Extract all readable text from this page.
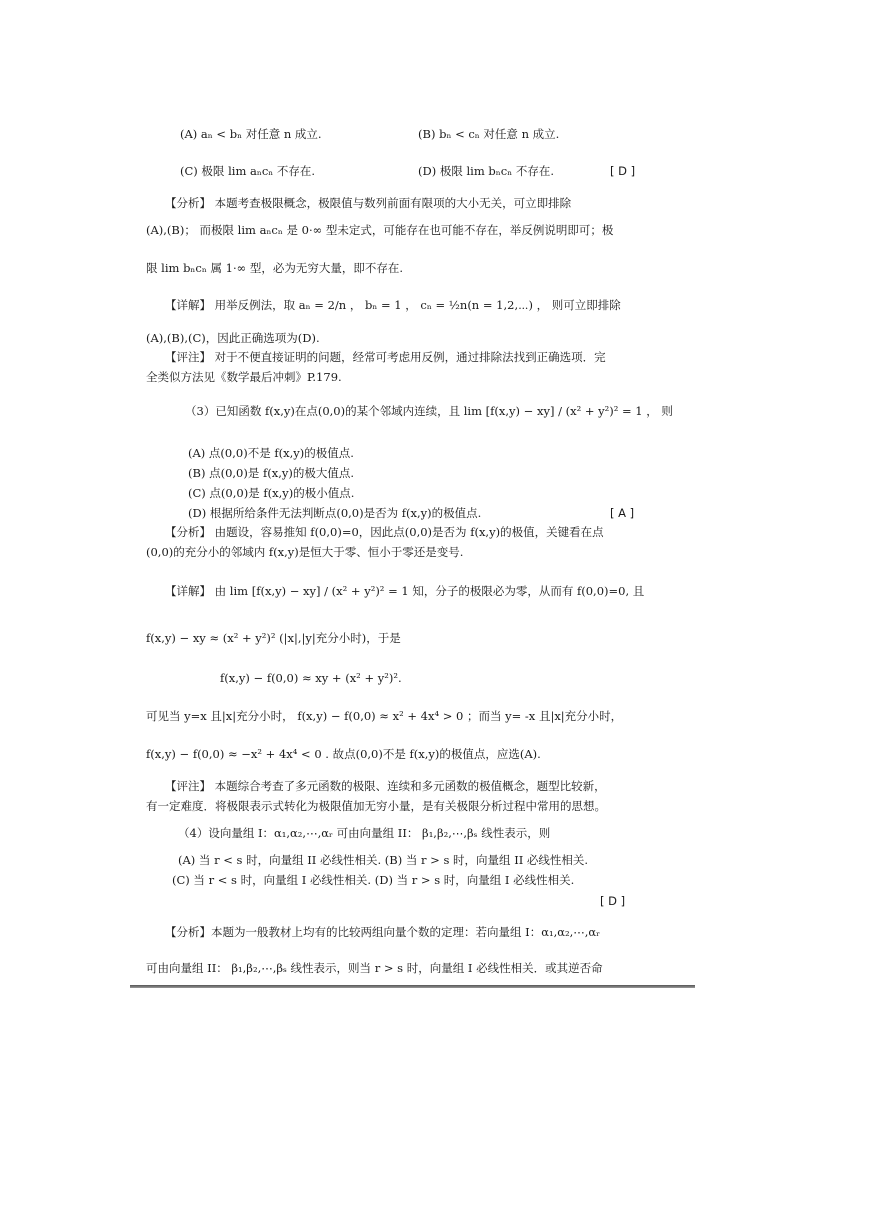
(A) aₙ < bₙ 对任意 n 成立.	(B) bₙ < cₙ 对任意 n 成立.
(C) 极限 lim aₙcₙ 不存在.	(D) 极限 lim bₙcₙ 不存在.	[ D ]
【分析】 本题考查极限概念，极限值与数列前面有限项的大小无关，可立即排除
(A),(B)； 而极限 lim aₙcₙ 是 0·∞ 型未定式，可能存在也可能不存在，举反例说明即可；极
限 lim bₙcₙ 属 1·∞ 型，必为无穷大量，即不存在.
【详解】 用举反例法，取 aₙ = 2/n ， bₙ = 1 ， cₙ = ½n(n = 1,2,⋯) ， 则可立即排除
(A),(B),(C)，因此正确选项为(D).
【评注】 对于不便直接证明的问题，经常可考虑用反例，通过排除法找到正确选项．完
全类似方法见《数学最后冲刺》P.179.
（3）已知函数 f(x,y)在点(0,0)的某个邻域内连续，且 lim [f(x,y) − xy] / (x² + y²)² = 1 ， 则
(A) 点(0,0)不是 f(x,y)的极值点.
(B) 点(0,0)是 f(x,y)的极大值点.
(C) 点(0,0)是 f(x,y)的极小值点.
(D) 根据所给条件无法判断点(0,0)是否为 f(x,y)的极值点.	[ A ]
【分析】 由题设，容易推知 f(0,0)=0，因此点(0,0)是否为 f(x,y)的极值，关键看在点
(0,0)的充分小的邻域内 f(x,y)是恒大于零、恒小于零还是变号.
【详解】 由 lim [f(x,y) − xy] / (x² + y²)² = 1 知，分子的极限必为零，从而有 f(0,0)=0, 且
f(x,y) − xy ≈ (x² + y²)² (|x|,|y|充分小时)，于是
f(x,y) − f(0,0) ≈ xy + (x² + y²)².
可见当 y=x 且|x|充分小时， f(x,y) − f(0,0) ≈ x² + 4x⁴ > 0 ；而当 y= -x 且|x|充分小时，
f(x,y) − f(0,0) ≈ −x² + 4x⁴ < 0 . 故点(0,0)不是 f(x,y)的极值点，应选(A).
【评注】 本题综合考查了多元函数的极限、连续和多元函数的极值概念，题型比较新，
有一定难度．将极限表示式转化为极限值加无穷小量，是有关极限分析过程中常用的思想。
（4）设向量组 I：α₁,α₂,⋯,αᵣ 可由向量组 II： β₁,β₂,⋯,βₛ 线性表示，则
(A) 当 r < s 时，向量组 II 必线性相关. (B) 当 r > s 时，向量组 II 必线性相关.
(C) 当 r < s 时，向量组 I 必线性相关. (D) 当 r > s 时，向量组 I 必线性相关.
[ D ]
【分析】本题为一般教材上均有的比较两组向量个数的定理：若向量组 I：α₁,α₂,⋯,αᵣ
可由向量组 II： β₁,β₂,⋯,βₛ 线性表示，则当 r > s 时，向量组 I 必线性相关．或其逆否命
